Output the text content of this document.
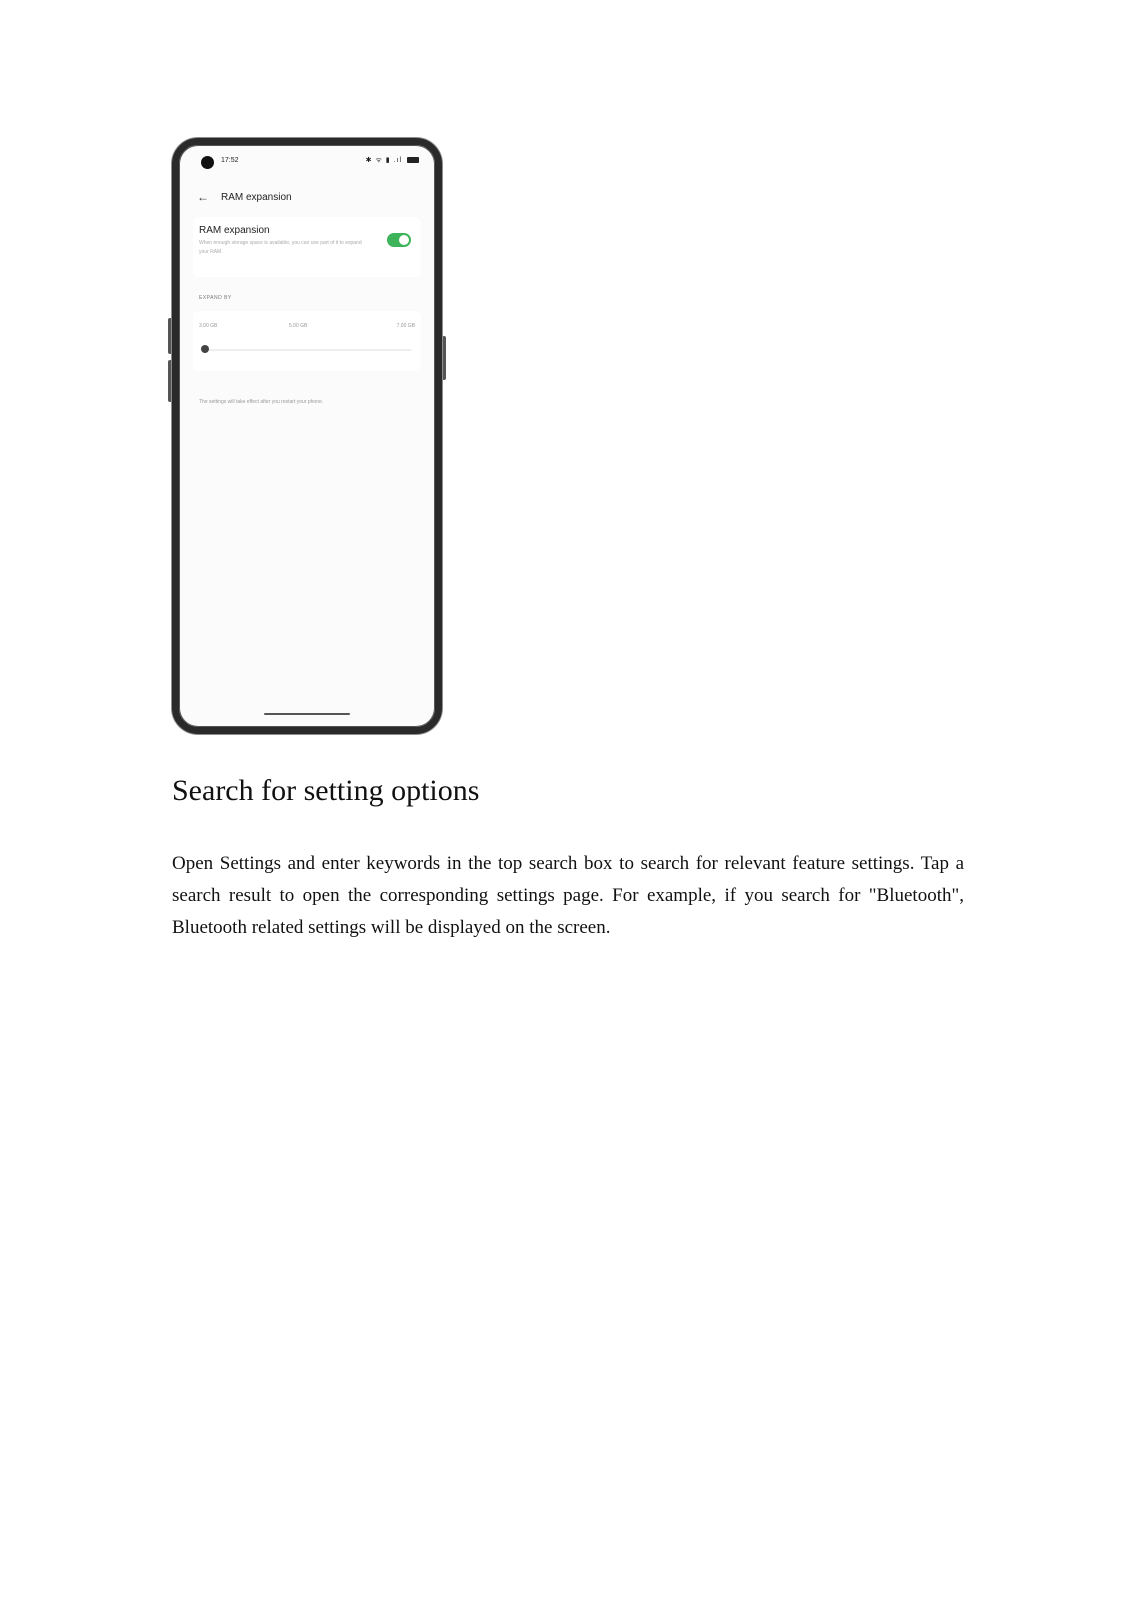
17:52	✱ ᯤ ▮ .ıl
← RAM expansion
RAM expansion
When enough storage space is available, you can use part of it to expand your RAM.
EXPAND BY
3.00 GB	5.00 GB	7.00 GB
The settings will take effect after you restart your phone.
Search for setting options

Open Settings and enter keywords in the top search box to search for relevant feature settings. Tap a search result to open the corresponding settings page. For example, if you search for "Bluetooth", Bluetooth related settings will be displayed on the screen.
